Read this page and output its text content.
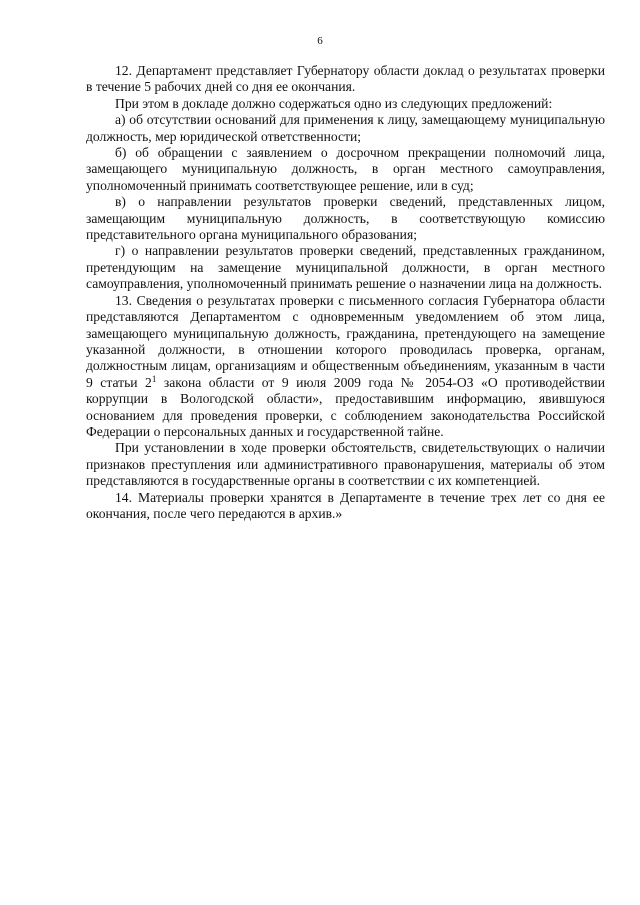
6

12. Департамент представляет Губернатору области доклад о результатах проверки в течение 5 рабочих дней со дня ее окончания.

При этом в докладе должно содержаться одно из следующих предложений:

а) об отсутствии оснований для применения к лицу, замещающему муниципальную должность, мер юридической ответственности;

б) об обращении с заявлением о досрочном прекращении полномочий лица, замещающего муниципальную должность, в орган местного самоуправления, уполномоченный принимать соответствующее решение, или в суд;

в) о направлении результатов проверки сведений, представленных лицом, замещающим муниципальную должность, в соответствующую комиссию представительного органа муниципального образования;

г) о направлении результатов проверки сведений, представленных гражданином, претендующим на замещение муниципальной должности, в орган местного самоуправления, уполномоченный принимать решение о назначении лица на должность.

13. Сведения о результатах проверки с письменного согласия Губернатора области представляются Департаментом с одновременным уведомлением об этом лица, замещающего муниципальную должность, гражданина, претендующего на замещение указанной должности, в отношении которого проводилась проверка, органам, должностным лицам, организациям и общественным объединениям, указанным в части 9 статьи $2^1$ закона области от 9 июля 2009 года № 2054-ОЗ «О противодействии коррупции в Вологодской области», предоставившим информацию, явившуюся основанием для проведения проверки, с соблюдением законодательства Российской Федерации о персональных данных и государственной тайне.

При установлении в ходе проверки обстоятельств, свидетельствующих о наличии признаков преступления или административного правонарушения, материалы об этом представляются в государственные органы в соответствии с их компетенцией.

14. Материалы проверки хранятся в Департаменте в течение трех лет со дня ее окончания, после чего передаются в архив.»
